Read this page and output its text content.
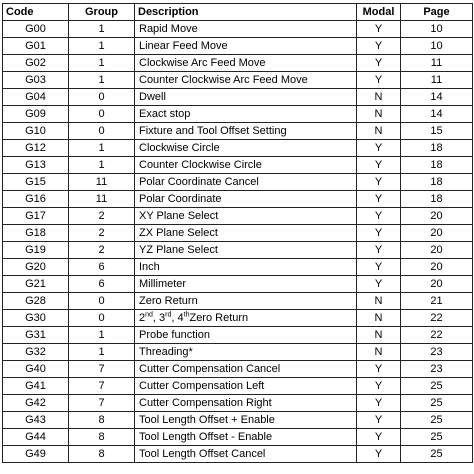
Code	Group	Description	Modal	Page
G00	1	Rapid Move	Y	10
G01	1	Linear Feed Move	Y	10
G02	1	Clockwise Arc Feed Move	Y	11
G03	1	Counter Clockwise Arc Feed Move	Y	11
G04	0	Dwell	N	14
G09	0	Exact stop	N	14
G10	0	Fixture and Tool Offset Setting	N	15
G12	1	Clockwise Circle	Y	18
G13	1	Counter Clockwise Circle	Y	18
G15	11	Polar Coordinate Cancel	Y	18
G16	11	Polar Coordinate	Y	18
G17	2	XY Plane Select	Y	20
G18	2	ZX Plane Select	Y	20
G19	2	YZ Plane Select	Y	20
G20	6	Inch	Y	20
G21	6	Millimeter	Y	20
G28	0	Zero Return	N	21
G30	0	2nd, 3rd, 4thZero Return	N	22
G31	1	Probe function	N	22
G32	1	Threading*	N	23
G40	7	Cutter Compensation Cancel	Y	23
G41	7	Cutter Compensation Left	Y	25
G42	7	Cutter Compensation Right	Y	25
G43	8	Tool Length Offset + Enable	Y	25
G44	8	Tool Length Offset - Enable	Y	25
G49	8	Tool Length Offset Cancel	Y	25
